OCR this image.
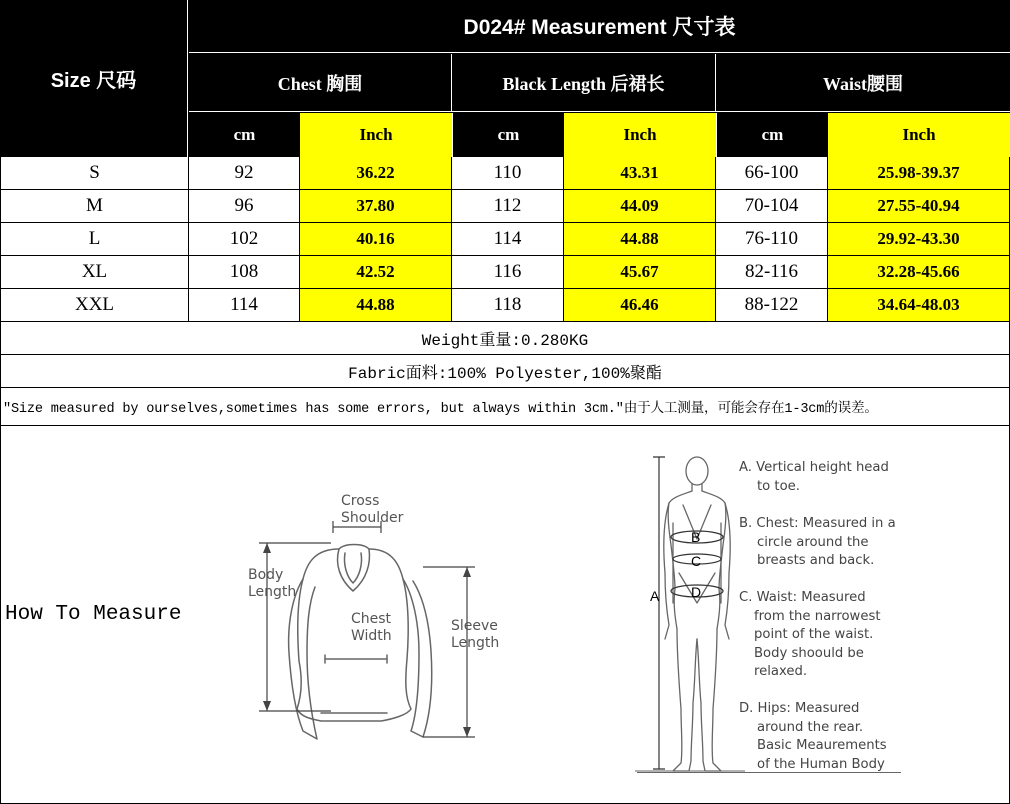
Size 尺码
D024# Measurement 尺寸表
Chest 胸围	Black Length 后裙长	Waist腰围
cm	Inch	cm	Inch	cm	Inch
S	92	36.22	110	43.31	66-100	25.98-39.37
M	96	37.80	112	44.09	70-104	27.55-40.94
L	102	40.16	114	44.88	76-110	29.92-43.30
XL	108	42.52	116	45.67	82-116	32.28-45.66
XXL	114	44.88	118	46.46	88-122	34.64-48.03
Weight重量:0.280KG
Fabric面料:100% Polyester,100%聚酯
"Size measured by ourselves,sometimes has some errors, but always within 3cm."由于人工测量，可能会存在1-3cm的误差。
How To Measure
Cross
Shoulder
Body
Length
Chest
Width
Sleeve
Length
A
B
C
D
A. Vertical height head
to toe.
B. Chest: Measured in a
circle around the
breasts and back.
C. Waist: Measured
from the narrowest
point of the waist.
Body shoould be
relaxed.
D. Hips: Measured
around the rear.
Basic Meaurements
of the Human Body
